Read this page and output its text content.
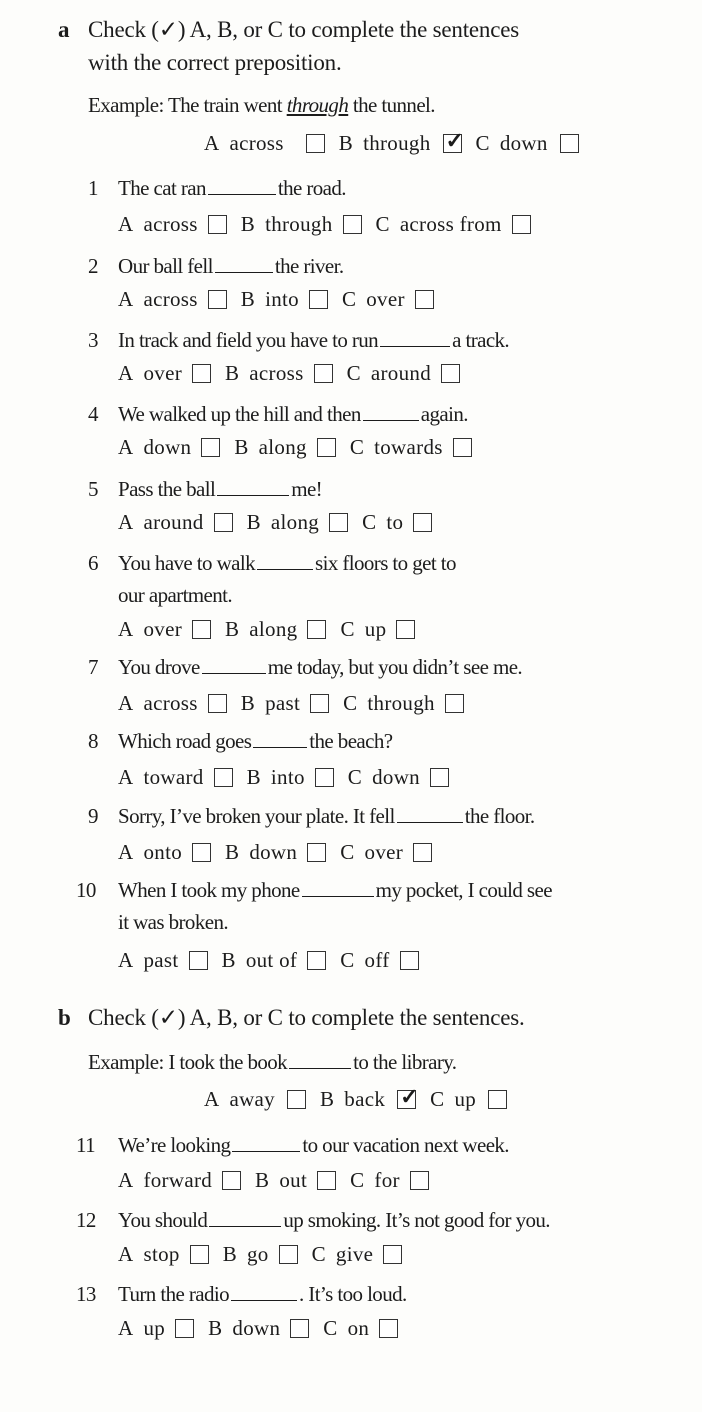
a Check (✓) A, B, or C to complete the sentences
with the correct preposition.
Example: The train went through the tunnel.
A across	B through ✓ C down
1 The cat ran	the road.
A across B through C across from
2 Our ball fell	the river.
A across B into C over
3 In track and field you have to run	a track.
A over B across C around
4 We walked up the hill and then	again.
A down B along C towards
5 Pass the ball	me!
A around B along C to
6 You have to walk	six floors to get to
our apartment.
A over B along C up
7 You drove	me today, but you didn’t see me.
A across B past C through
8 Which road goes	the beach?
A toward B into C down
9 Sorry, I’ve broken your plate. It fell	the floor.
A onto B down C over
10 When I took my phone	my pocket, I could see
it was broken.
A past B out of C off
b Check (✓) A, B, or C to complete the sentences.
Example: I took the book	to the library.
A away B back ✓ C up
11 We’re looking	to our vacation next week.
A forward B out C for
12 You should	up smoking. It’s not good for you.
A stop B go C give
13 Turn the radio	. It’s too loud.
A up B down C on
